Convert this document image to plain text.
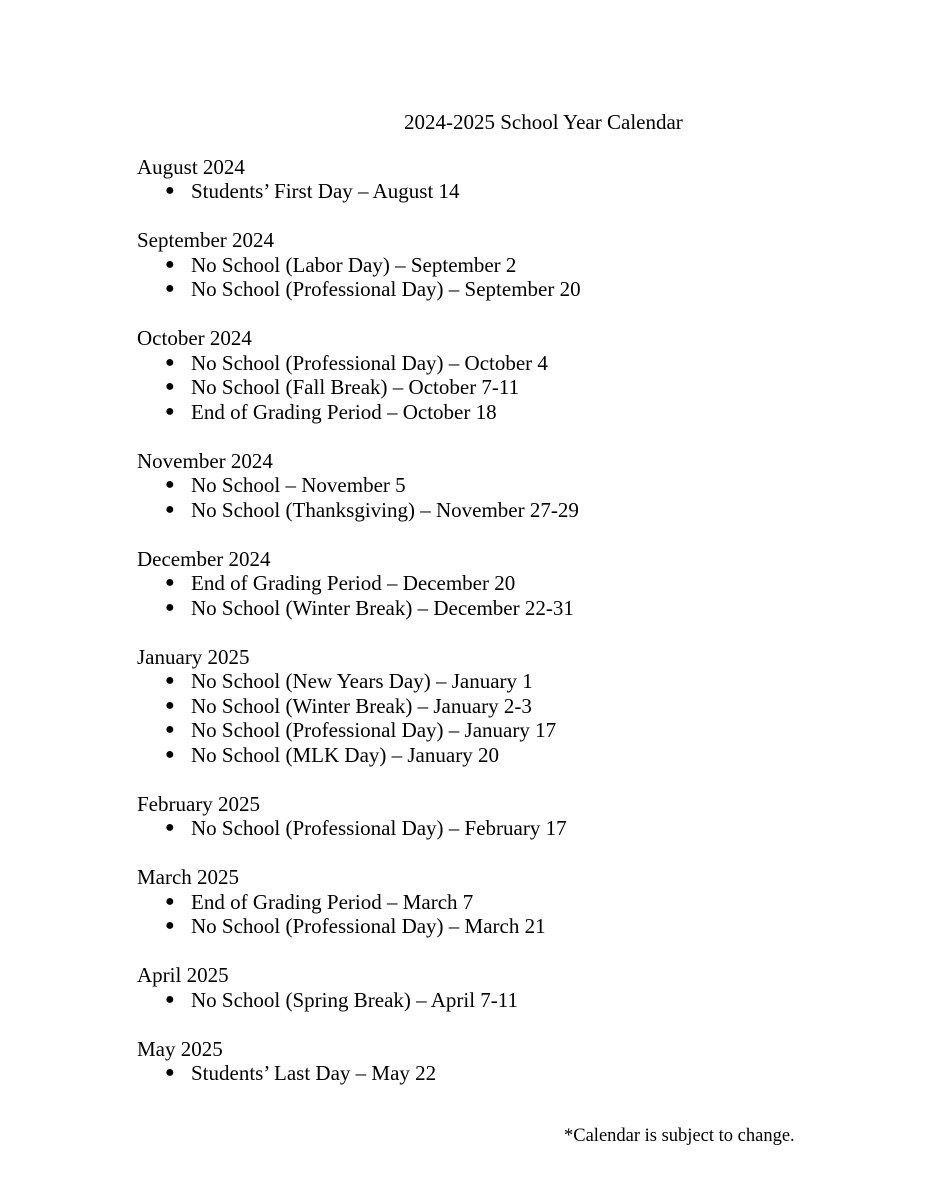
2024-2025 School Year Calendar
August 2024
● Students’ First Day – August 14
September 2024
● No School (Labor Day) – September 2
● No School (Professional Day) – September 20
October 2024
● No School (Professional Day) – October 4
● No School (Fall Break) – October 7-11
● End of Grading Period – October 18
November 2024
● No School – November 5
● No School (Thanksgiving) – November 27-29
December 2024
● End of Grading Period – December 20
● No School (Winter Break) – December 22-31
January 2025
● No School (New Years Day) – January 1
● No School (Winter Break) – January 2-3
● No School (Professional Day) – January 17
● No School (MLK Day) – January 20
February 2025
● No School (Professional Day) – February 17
March 2025
● End of Grading Period – March 7
● No School (Professional Day) – March 21
April 2025
● No School (Spring Break) – April 7-11
May 2025
● Students’ Last Day – May 22
*Calendar is subject to change.
